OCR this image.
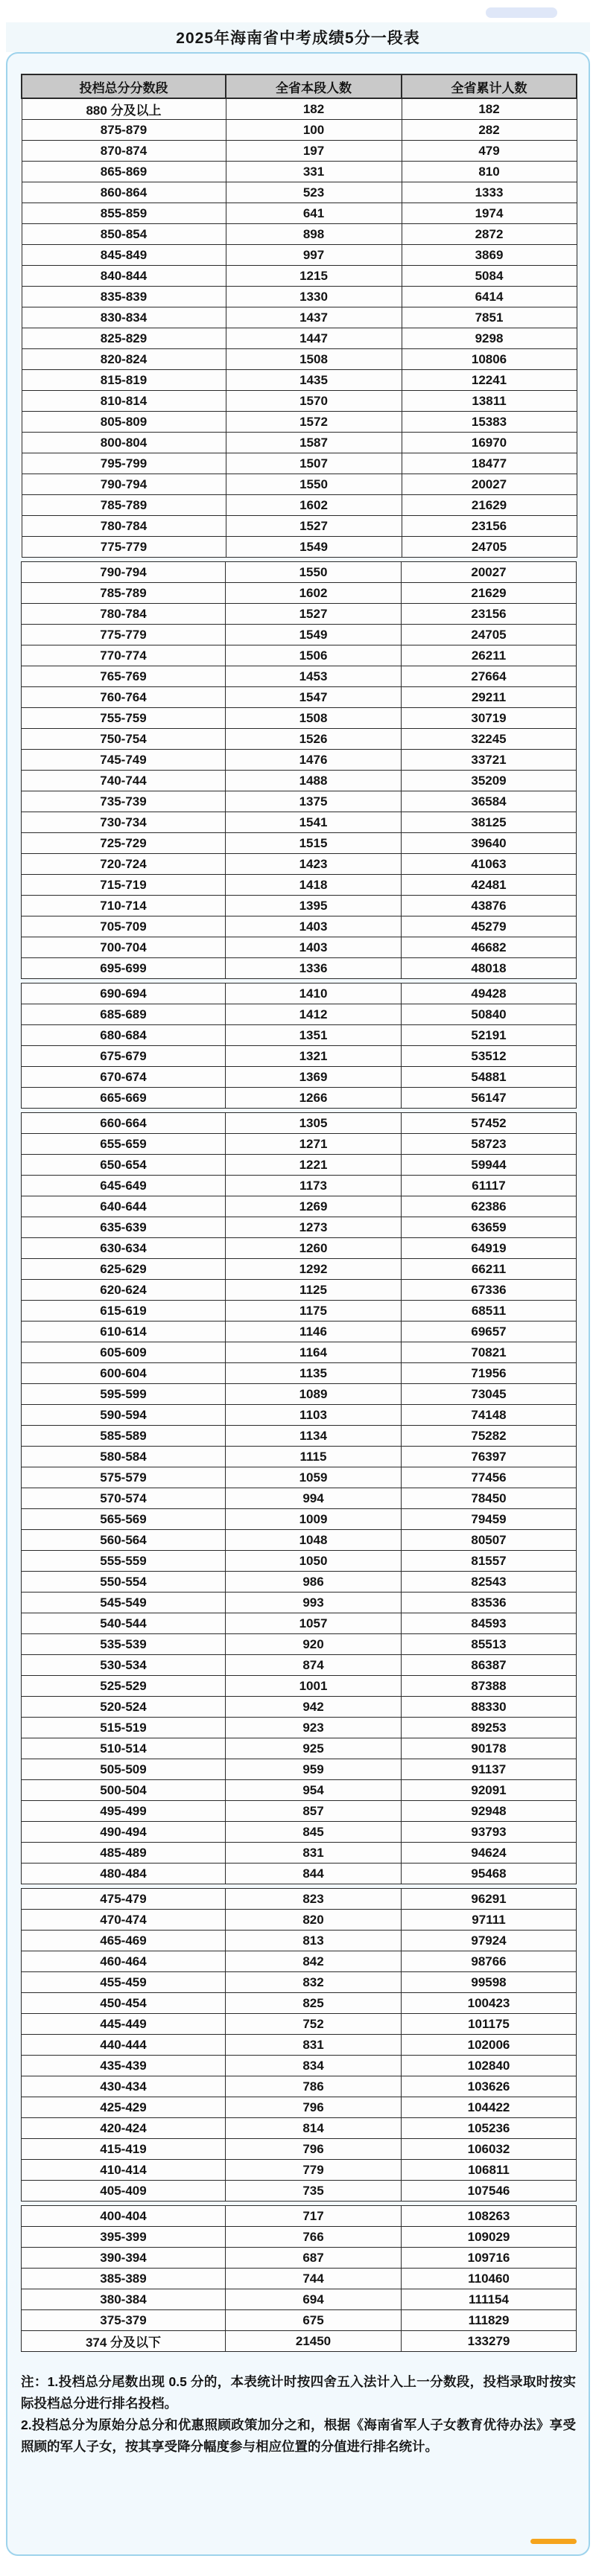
2025年海南省中考成绩5分一段表
投档总分分数段	全省本段人数	全省累计人数
880 分及以上	182	182
875-879	100	282
870-874	197	479
865-869	331	810
860-864	523	1333
855-859	641	1974
850-854	898	2872
845-849	997	3869
840-844	1215	5084
835-839	1330	6414
830-834	1437	7851
825-829	1447	9298
820-824	1508	10806
815-819	1435	12241
810-814	1570	13811
805-809	1572	15383
800-804	1587	16970
795-799	1507	18477
790-794	1550	20027
785-789	1602	21629
780-784	1527	23156
775-779	1549	24705
790-794	1550	20027
785-789	1602	21629
780-784	1527	23156
775-779	1549	24705
770-774	1506	26211
765-769	1453	27664
760-764	1547	29211
755-759	1508	30719
750-754	1526	32245
745-749	1476	33721
740-744	1488	35209
735-739	1375	36584
730-734	1541	38125
725-729	1515	39640
720-724	1423	41063
715-719	1418	42481
710-714	1395	43876
705-709	1403	45279
700-704	1403	46682
695-699	1336	48018
690-694	1410	49428
685-689	1412	50840
680-684	1351	52191
675-679	1321	53512
670-674	1369	54881
665-669	1266	56147
660-664	1305	57452
655-659	1271	58723
650-654	1221	59944
645-649	1173	61117
640-644	1269	62386
635-639	1273	63659
630-634	1260	64919
625-629	1292	66211
620-624	1125	67336
615-619	1175	68511
610-614	1146	69657
605-609	1164	70821
600-604	1135	71956
595-599	1089	73045
590-594	1103	74148
585-589	1134	75282
580-584	1115	76397
575-579	1059	77456
570-574	994	78450
565-569	1009	79459
560-564	1048	80507
555-559	1050	81557
550-554	986	82543
545-549	993	83536
540-544	1057	84593
535-539	920	85513
530-534	874	86387
525-529	1001	87388
520-524	942	88330
515-519	923	89253
510-514	925	90178
505-509	959	91137
500-504	954	92091
495-499	857	92948
490-494	845	93793
485-489	831	94624
480-484	844	95468
475-479	823	96291
470-474	820	97111
465-469	813	97924
460-464	842	98766
455-459	832	99598
450-454	825	100423
445-449	752	101175
440-444	831	102006
435-439	834	102840
430-434	786	103626
425-429	796	104422
420-424	814	105236
415-419	796	106032
410-414	779	106811
405-409	735	107546
400-404	717	108263
395-399	766	109029
390-394	687	109716
385-389	744	110460
380-384	694	111154
375-379	675	111829
374 分及以下	21450	133279

注：1.投档总分尾数出现 0.5 分的，本表统计时按四舍五入法计入上一分数段，投档录取时按实际投档总分进行排名投档。

2.投档总分为原始分总分和优惠照顾政策加分之和，根据《海南省军人子女教育优待办法》享受照顾的军人子女，按其享受降分幅度参与相应位置的分值进行排名统计。
